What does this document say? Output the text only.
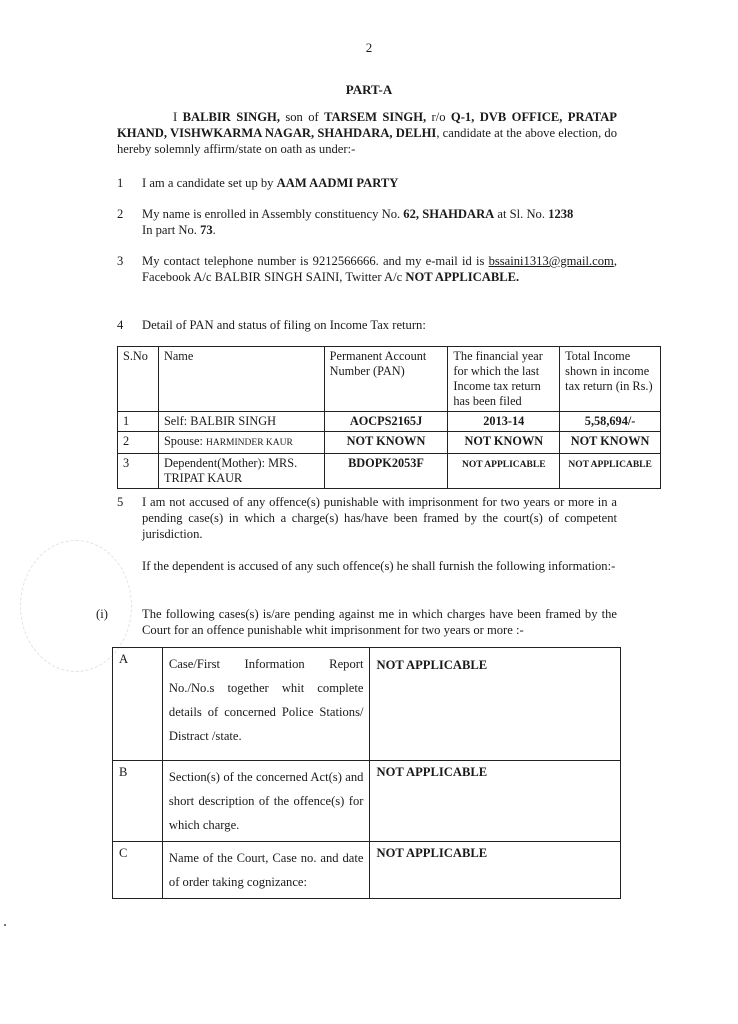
2
PART-A
I BALBIR SINGH, son of TARSEM SINGH, r/o Q-1, DVB OFFICE, PRATAP KHAND, VISHWKARMA NAGAR, SHAHDARA, DELHI, candidate at the above election, do hereby solemnly affirm/state on oath as under:-
1 I am a candidate set up by AAM AADMI PARTY
2 My name is enrolled in Assembly constituency No. 62, SHAHDARA at Sl. No. 1238
In part No. 73.
3 My contact telephone number is 9212566666. and my e-mail id is bssaini1313@gmail.com, Facebook A/c BALBIR SINGH SAINI, Twitter A/c NOT APPLICABLE.
4 Detail of PAN and status of filing on Income Tax return:
S.No	Name	Permanent Account Number (PAN)	The financial year for which the last Income tax return has been filed	Total Income shown in income tax return (in Rs.)
1	Self: BALBIR SINGH	AOCPS2165J	2013-14	5,58,694/-
2	Spouse: HARMINDER KAUR	NOT KNOWN	NOT KNOWN	NOT KNOWN
3	Dependent(Mother): MRS. TRIPAT KAUR	BDOPK2053F	NOT APPLICABLE	NOT APPLICABLE
5 I am not accused of any offence(s) punishable with imprisonment for two years or more in a pending case(s) in which a charge(s) has/have been framed by the court(s) of competent jurisdiction.
If the dependent is accused of any such offence(s) he shall furnish the following information:-
(i)	The following cases(s) is/are pending against me in which charges have been framed by the Court for an offence punishable whit imprisonment for two years or more :-
A	Case/First Information Report No./No.s together whit complete details of concerned Police Stations/ Distract /state.	NOT APPLICABLE
B	Section(s) of the concerned Act(s) and short description of the offence(s) for which charge.	NOT APPLICABLE
C	Name of the Court, Case no. and date of order taking cognizance:	NOT APPLICABLE
